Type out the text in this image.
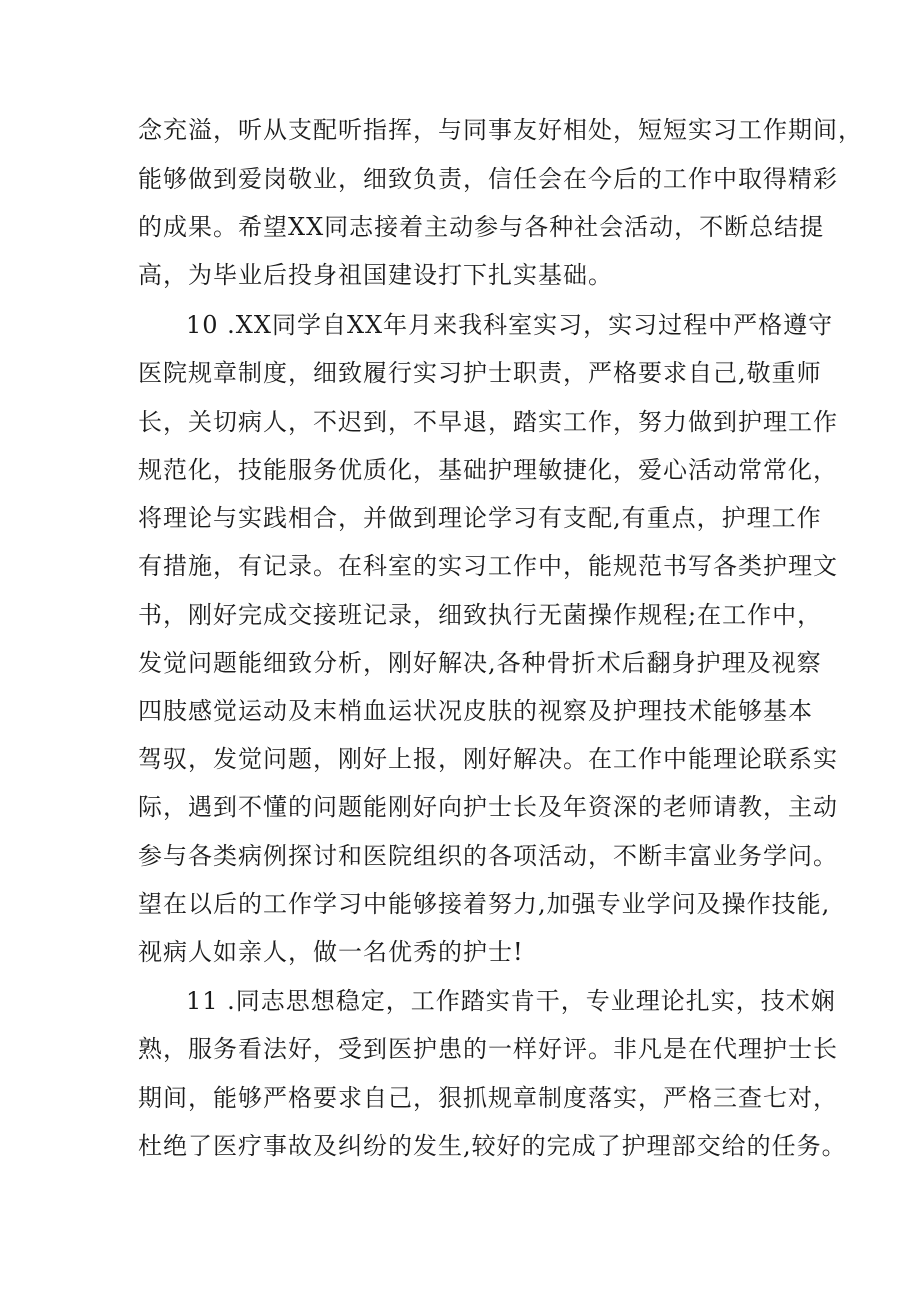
念充溢，听从支配听指挥，与同事友好相处，短短实习工作期间，
能够做到爱岗敬业，细致负责，信任会在今后的工作中取得精彩
的成果。希望XX同志接着主动参与各种社会活动，不断总结提
高，为毕业后投身祖国建设打下扎实基础。
10 .XX同学自XX年月来我科室实习，实习过程中严格遵守
医院规章制度，细致履行实习护士职责，严格要求自己,敬重师
长，关切病人，不迟到，不早退，踏实工作，努力做到护理工作
规范化，技能服务优质化，基础护理敏捷化，爱心活动常常化，
将理论与实践相合，并做到理论学习有支配,有重点，护理工作
有措施，有记录。在科室的实习工作中，能规范书写各类护理文
书，刚好完成交接班记录，细致执行无菌操作规程;在工作中，
发觉问题能细致分析，刚好解决,各种骨折术后翻身护理及视察
四肢感觉运动及末梢血运状况皮肤的视察及护理技术能够基本
驾驭，发觉问题，刚好上报，刚好解决。在工作中能理论联系实
际，遇到不懂的问题能刚好向护士长及年资深的老师请教，主动
参与各类病例探讨和医院组织的各项活动，不断丰富业务学问。
望在以后的工作学习中能够接着努力,加强专业学问及操作技能,
视病人如亲人，做一名优秀的护士!
11 .同志思想稳定，工作踏实肯干，专业理论扎实，技术娴
熟，服务看法好，受到医护患的一样好评。非凡是在代理护士长
期间，能够严格要求自己，狠抓规章制度落实，严格三查七对，
杜绝了医疗事故及纠纷的发生,较好的完成了护理部交给的任务。
